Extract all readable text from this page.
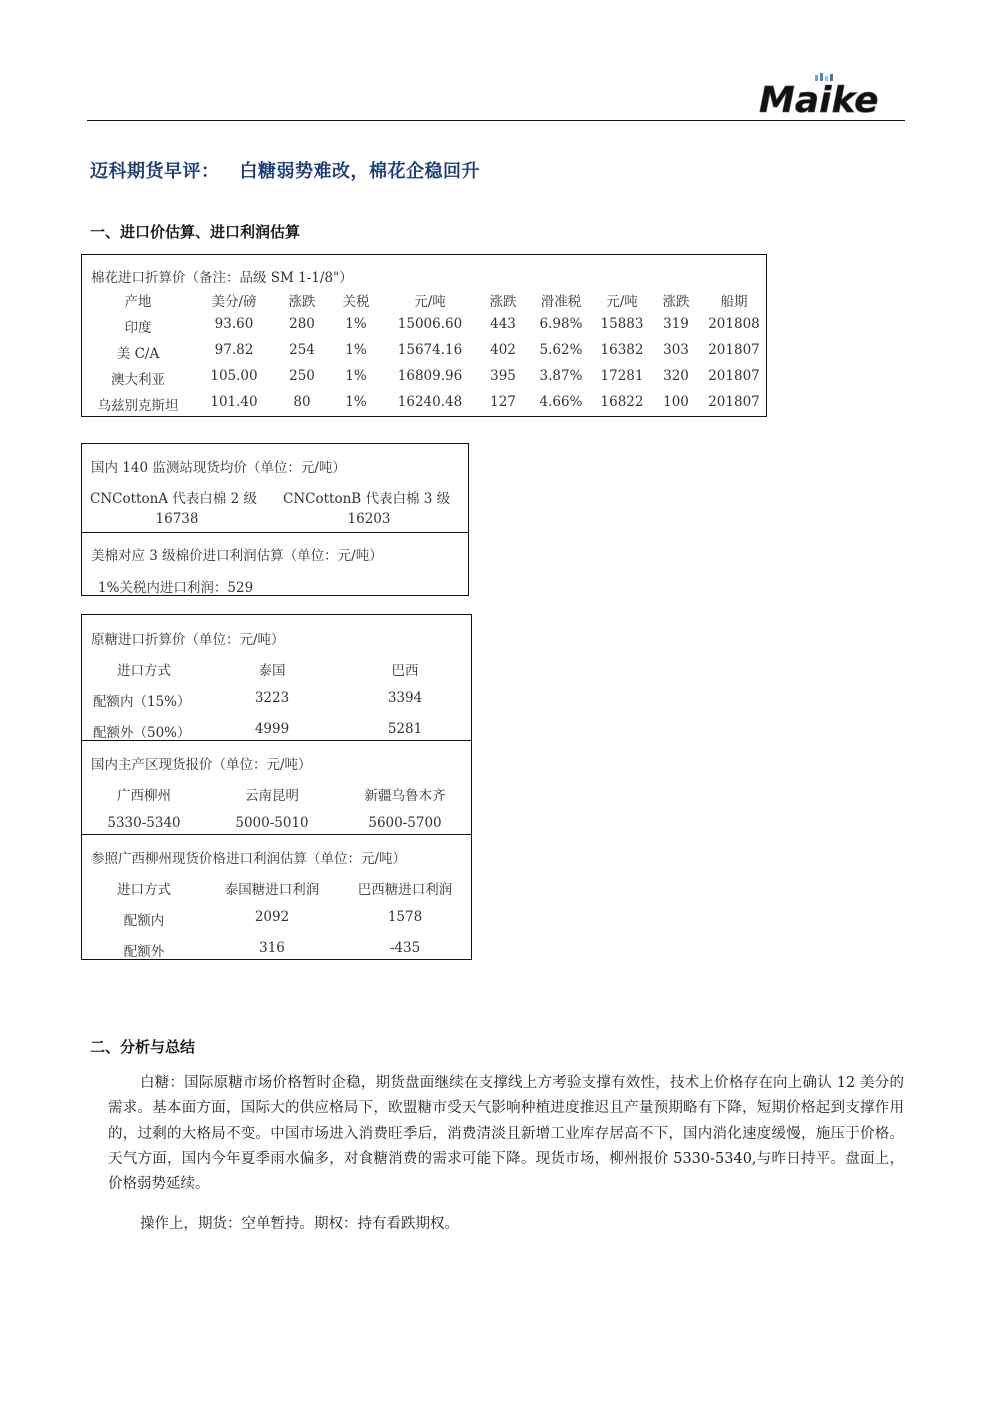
Maike
迈科期货早评： 白糖弱势难改，棉花企稳回升
一、进口价估算、进口利润估算
棉花进口折算价（备注：品级 SM 1-1/8"）
产地	美分/磅	涨跌	关税	元/吨	涨跌	滑准税	元/吨	涨跌	船期
印度	93.60	280	1%	15006.60	443	6.98%	15883	319	201808
美 C/A	97.82	254	1%	15674.16	402	5.62%	16382	303	201807
澳大利亚	105.00	250	1%	16809.96	395	3.87%	17281	320	201807
乌兹别克斯坦	101.40	80	1%	16240.48	127	4.66%	16822	100	201807
国内 140 监测站现货均价（单位：元/吨）
CNCottonA 代表白棉 2 级 CNCottonB 代表白棉 3 级
16738	16203
美棉对应 3 级棉价进口利润估算（单位：元/吨）
1%关税内进口利润：529
原糖进口折算价（单位：元/吨）
进口方式	泰国	巴西
配额内（15%）	3223	3394
配额外（50%）	4999	5281
国内主产区现货报价（单位：元/吨）
广西柳州	云南昆明	新疆乌鲁木齐
5330-5340	5000-5010	5600-5700
参照广西柳州现货价格进口利润估算（单位：元/吨）
进口方式	泰国糖进口利润	巴西糖进口利润
配额内	2092	1578
配额外	316	-435
二、分析与总结
白糖：国际原糖市场价格暂时企稳，期货盘面继续在支撑线上方考验支撑有效性，技术上价格存在向上确认 12 美分的需求。基本面方面，国际大的供应格局下，欧盟糖市受天气影响种植进度推迟且产量预期略有下降，短期价格起到支撑作用的，过剩的大格局不变。中国市场进入消费旺季后，消费清淡且新增工业库存居高不下，国内消化速度缓慢，施压于价格。天气方面，国内今年夏季雨水偏多，对食糖消费的需求可能下降。现货市场，柳州报价 5330-5340,与昨日持平。盘面上，价格弱势延续。
操作上，期货：空单暂持。期权：持有看跌期权。
